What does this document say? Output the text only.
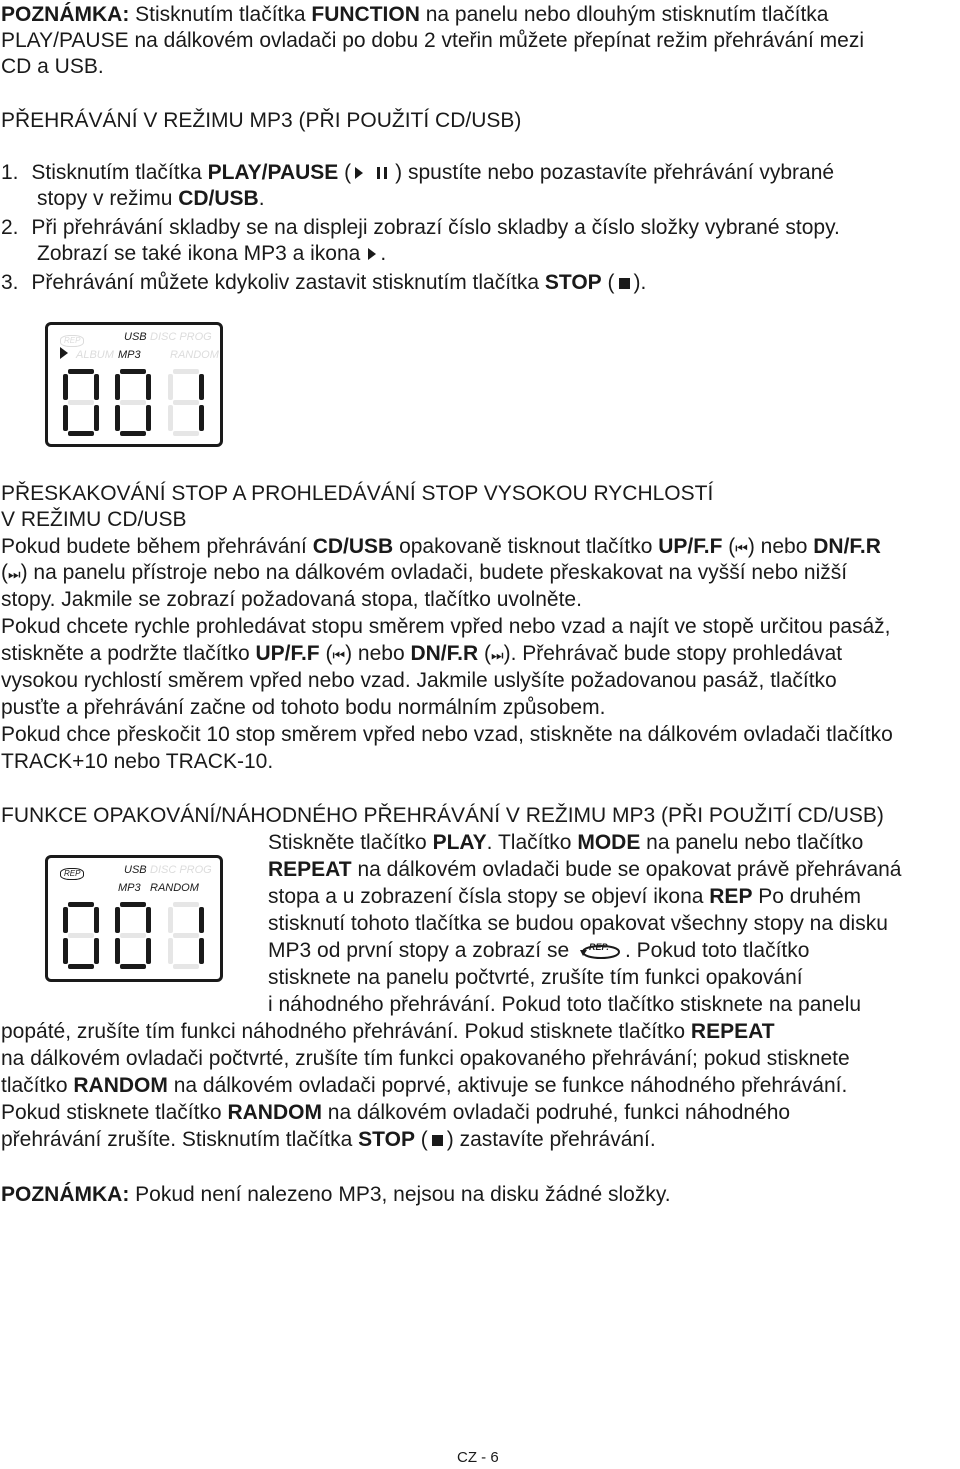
POZNÁMKA: Stisknutím tlačítka FUNCTION na panelu nebo dlouhým stisknutím tlačítka
PLAY/PAUSE na dálkovém ovladači po dobu 2 vteřin můžete přepínat režim přehrávání mezi
CD a USB.
PŘEHRÁVÁNÍ V REŽIMU MP3 (PŘI POUŽITÍ CD/USB)
1. Stisknutím tlačítka PLAY/PAUSE ( ) spustíte nebo pozastavíte přehrávání vybrané
stopy v režimu CD/USB.
2. Při přehrávání skladby se na displeji zobrazí číslo skladby a číslo složky vybrané stopy.
Zobrazí se také ikona MP3 a ikona .
3. Přehrávání můžete kdykoliv zastavit stisknutím tlačítka STOP ( ).
REP	USB DISC PROG
ALBUM MP3	RANDOM
PŘESKAKOVÁNÍ STOP A PROHLEDÁVÁNÍ STOP VYSOKOU RYCHLOSTÍ
V REŽIMU CD/USB
Pokud budete během přehrávání CD/USB opakovaně tisknout tlačítko UP/F.F (⏮) nebo DN/F.R
(⏭) na panelu přístroje nebo na dálkovém ovladači, budete přeskakovat na vyšší nebo nižší
stopy. Jakmile se zobrazí požadovaná stopa, tlačítko uvolněte.
Pokud chcete rychle prohledávat stopu směrem vpřed nebo vzad a najít ve stopě určitou pasáž,
stiskněte a podržte tlačítko UP/F.F (⏮) nebo DN/F.R (⏭). Přehrávač bude stopy prohledávat
vysokou rychlostí směrem vpřed nebo vzad. Jakmile uslyšíte požadovanou pasáž, tlačítko
pusťte a přehrávání začne od tohoto bodu normálním způsobem.
Pokud chce přeskočit 10 stop směrem vpřed nebo vzad, stiskněte na dálkovém ovladači tlačítko
TRACK+10 nebo TRACK-10.
FUNKCE OPAKOVÁNÍ/NÁHODNÉHO PŘEHRÁVÁNÍ V REŽIMU MP3 (PŘI POUŽITÍ CD/USB)
REP	USB DISC PROG
MP3 RANDOM
Stiskněte tlačítko PLAY. Tlačítko MODE na panelu nebo tlačítko
REPEAT na dálkovém ovladači bude se opakovat právě přehrávaná
stopa a u zobrazení čísla stopy se objeví ikona REP Po druhém
stisknutí tohoto tlačítka se budou opakovat všechny stopy na disku
MP3 od první stopy a zobrazí se REP. . Pokud toto tlačítko
stisknete na panelu počtvrté, zrušíte tím funkci opakování
i náhodného přehrávání. Pokud toto tlačítko stisknete na panelu
popáté, zrušíte tím funkci náhodného přehrávání. Pokud stisknete tlačítko REPEAT
na dálkovém ovladači počtvrté, zrušíte tím funkci opakovaného přehrávání; pokud stisknete
tlačítko RANDOM na dálkovém ovladači poprvé, aktivuje se funkce náhodného přehrávání.
Pokud stisknete tlačítko RANDOM na dálkovém ovladači podruhé, funkci náhodného
přehrávání zrušíte. Stisknutím tlačítka STOP ( ) zastavíte přehrávání.
POZNÁMKA: Pokud není nalezeno MP3, nejsou na disku žádné složky.
CZ - 6
